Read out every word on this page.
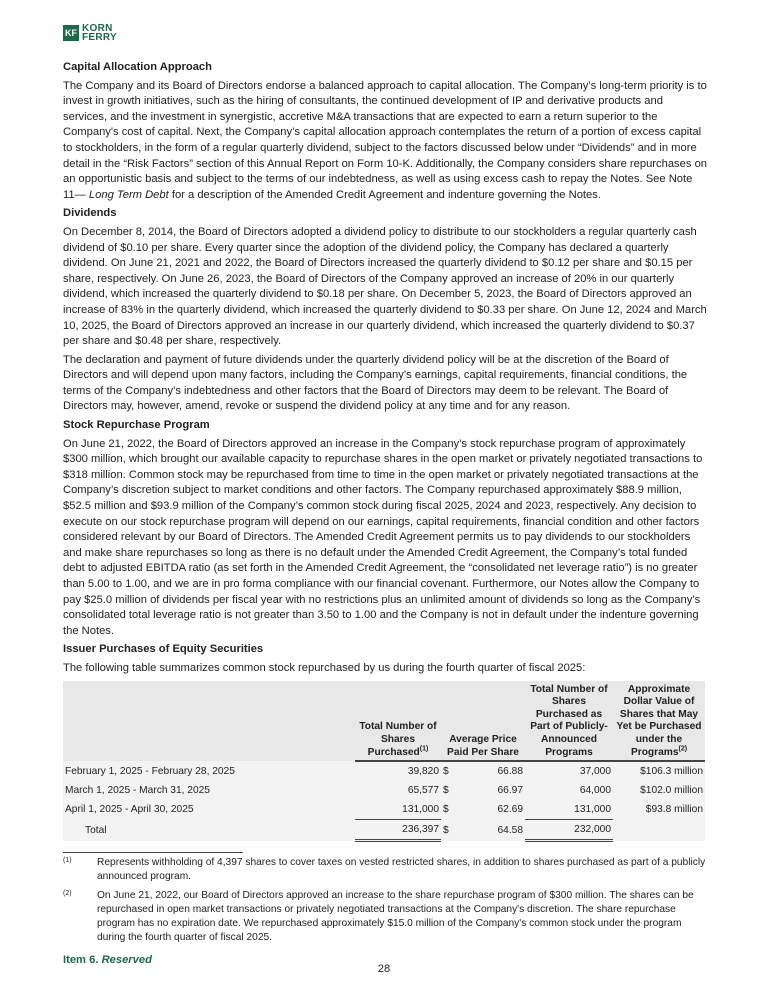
KF KORN
FERRY
Capital Allocation Approach

The Company and its Board of Directors endorse a balanced approach to capital allocation. The Company’s long-term priority is to invest in growth initiatives, such as the hiring of consultants, the continued development of IP and derivative products and services, and the investment in synergistic, accretive M&A transactions that are expected to earn a return superior to the Company's cost of capital. Next, the Company’s capital allocation approach contemplates the return of a portion of excess capital to stockholders, in the form of a regular quarterly dividend, subject to the factors discussed below under “Dividends” and in more detail in the “Risk Factors” section of this Annual Report on Form 10-K. Additionally, the Company considers share repurchases on an opportunistic basis and subject to the terms of our indebtedness, as well as using excess cash to repay the Notes. See Note 11— Long Term Debt for a description of the Amended Credit Agreement and indenture governing the Notes.

Dividends

On December 8, 2014, the Board of Directors adopted a dividend policy to distribute to our stockholders a regular quarterly cash dividend of $0.10 per share. Every quarter since the adoption of the dividend policy, the Company has declared a quarterly dividend. On June 21, 2021 and 2022, the Board of Directors increased the quarterly dividend to $0.12 per share and $0.15 per share, respectively. On June 26, 2023, the Board of Directors of the Company approved an increase of 20% in our quarterly dividend, which increased the quarterly dividend to $0.18 per share. On December 5, 2023, the Board of Directors approved an increase of 83% in the quarterly dividend, which increased the quarterly dividend to $0.33 per share. On June 12, 2024 and March 10, 2025, the Board of Directors approved an increase in our quarterly dividend, which increased the quarterly dividend to $0.37 per share and $0.48 per share, respectively.

The declaration and payment of future dividends under the quarterly dividend policy will be at the discretion of the Board of Directors and will depend upon many factors, including the Company’s earnings, capital requirements, financial conditions, the terms of the Company’s indebtedness and other factors that the Board of Directors may deem to be relevant. The Board of Directors may, however, amend, revoke or suspend the dividend policy at any time and for any reason.

Stock Repurchase Program

On June 21, 2022, the Board of Directors approved an increase in the Company’s stock repurchase program of approximately $300 million, which brought our available capacity to repurchase shares in the open market or privately negotiated transactions to $318 million. Common stock may be repurchased from time to time in the open market or privately negotiated transactions at the Company’s discretion subject to market conditions and other factors. The Company repurchased approximately $88.9 million, $52.5 million and $93.9 million of the Company’s common stock during fiscal 2025, 2024 and 2023, respectively. Any decision to execute on our stock repurchase program will depend on our earnings, capital requirements, financial condition and other factors considered relevant by our Board of Directors. The Amended Credit Agreement permits us to pay dividends to our stockholders and make share repurchases so long as there is no default under the Amended Credit Agreement, the Company’s total funded debt to adjusted EBITDA ratio (as set forth in the Amended Credit Agreement, the “consolidated net leverage ratio”) is no greater than 5.00 to 1.00, and we are in pro forma compliance with our financial covenant. Furthermore, our Notes allow the Company to pay $25.0 million of dividends per fiscal year with no restrictions plus an unlimited amount of dividends so long as the Company’s consolidated total leverage ratio is not greater than 3.50 to 1.00 and the Company is not in default under the indenture governing the Notes.

Issuer Purchases of Equity Securities

The following table summarizes common stock repurchased by us during the fourth quarter of fiscal 2025:

	Total Number of Shares Purchased$^{(1)}$	Average Price Paid Per Share		Total Number of Shares Purchased as Part of Publicly-Announced Programs	Approximate Dollar Value of Shares that May Yet be Purchased under the Programs$^{(2)}$
February 1, 2025 - February 28, 2025	39,820	$	66.88	37,000	$106.3 million
March 1, 2025 - March 31, 2025	65,577	$	66.97	64,000	$102.0 million
April 1, 2025 - April 30, 2025	131,000	$	62.69	131,000	$93.8 million
Total	236,397	$	64.58	232,000	
(1)	Represents withholding of 4,397 shares to cover taxes on vested restricted shares, in addition to shares purchased as part of a publicly announced program.
(2)	On June 21, 2022, our Board of Directors approved an increase to the share repurchase program of $300 million. The shares can be repurchased in open market transactions or privately negotiated transactions at the Company's discretion. The share repurchase program has no expiration date. We repurchased approximately $15.0 million of the Company's common stock under the program during the fourth quarter of fiscal 2025.
Item 6. Reserved
28
